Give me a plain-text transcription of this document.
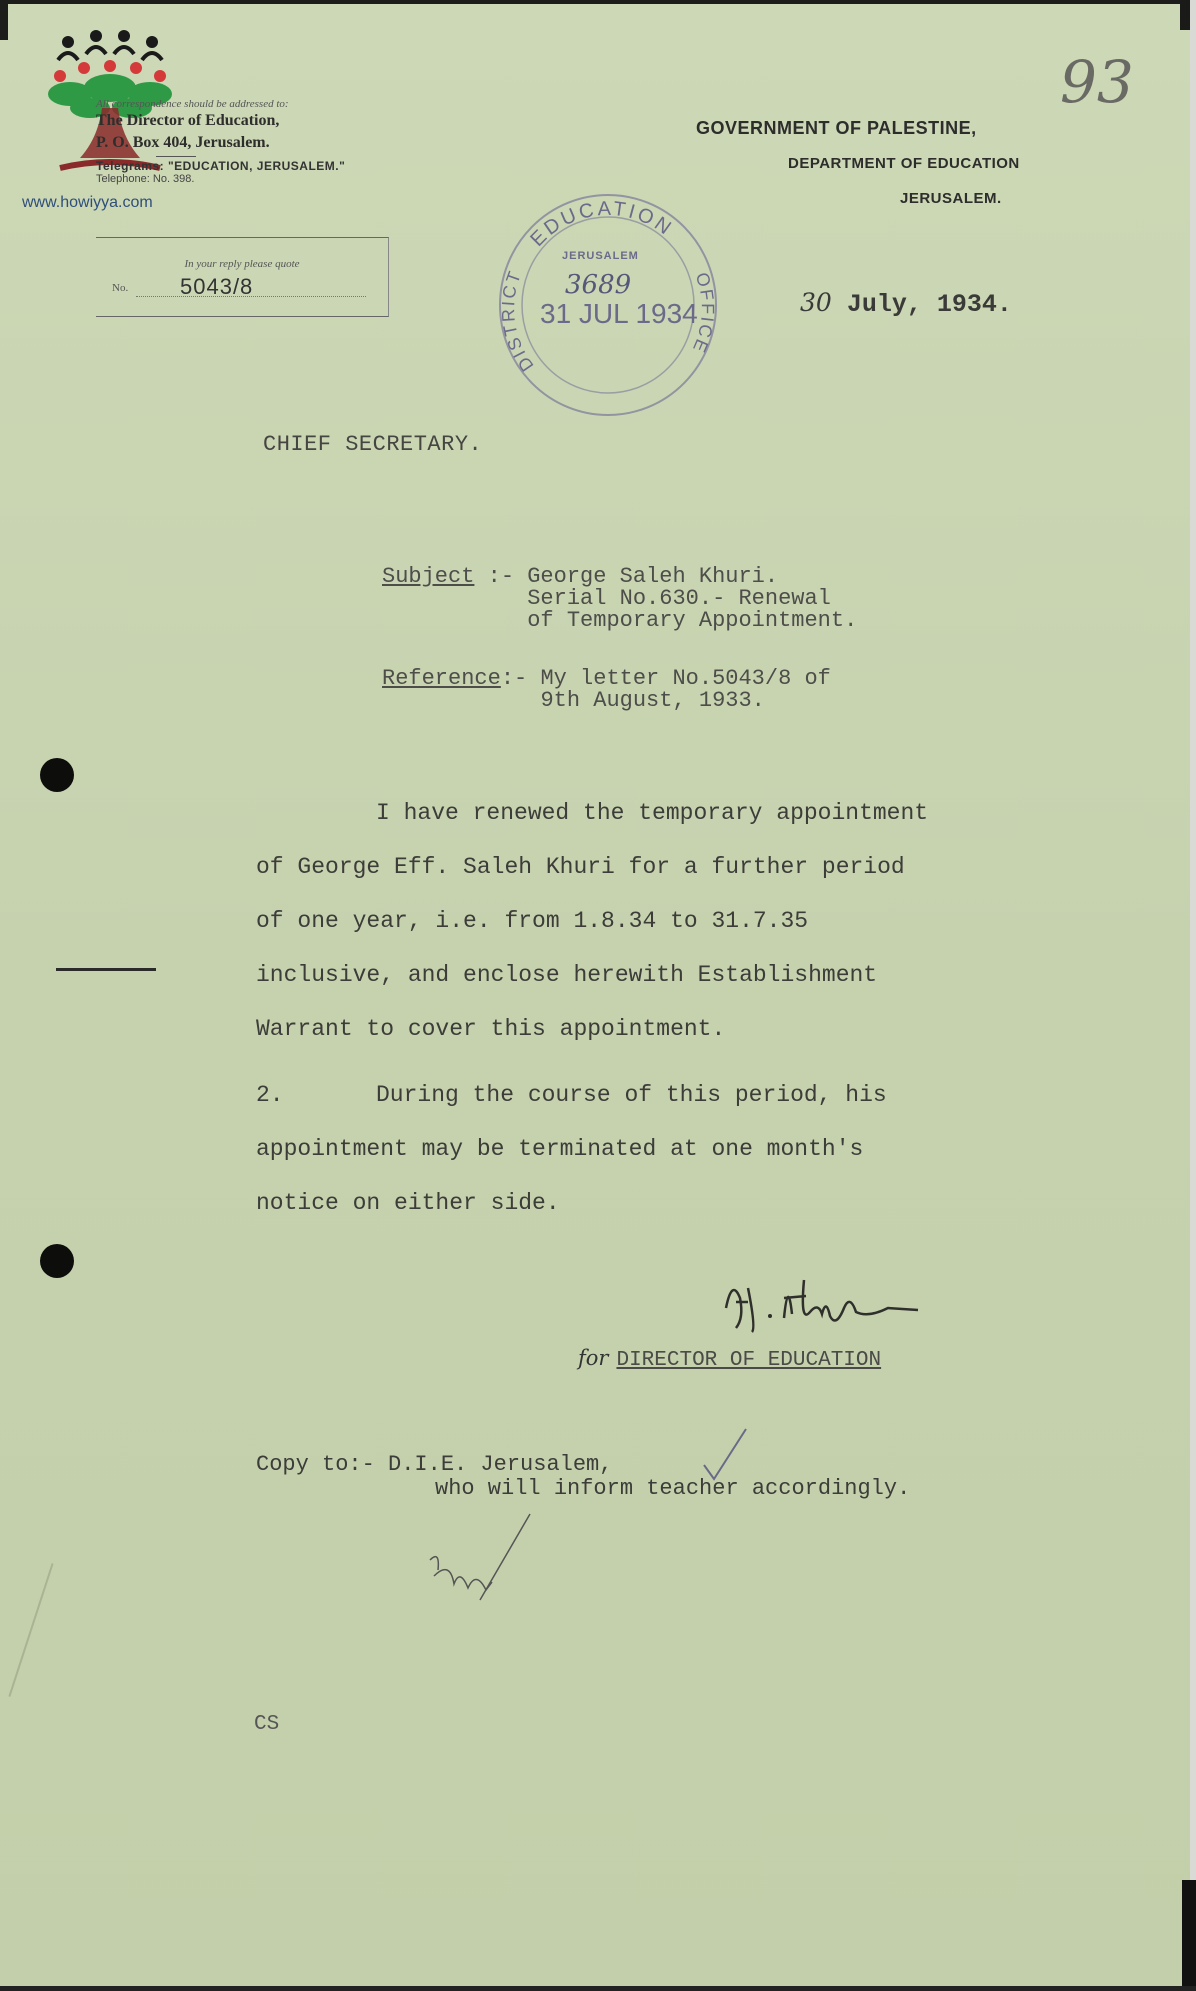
www.howiyya.com
All correspondence should be addressed to:
The Director of Education,
P. O. Box 404, Jerusalem.
Telegrams: "EDUCATION, JERUSALEM."
Telephone: No. 398.
In your reply please quote
No. 5043/8
GOVERNMENT OF PALESTINE,
DEPARTMENT OF EDUCATION
JERUSALEM.
93
EDUCATION
DISTRICT	OFFICE
JERUSALEM
3689
31 JUL 1934	30 July, 1934.
CHIEF SECRETARY.
Subject :- George Saleh Khuri.
Serial No.630.- Renewal
of Temporary Appointment.
Reference:- My letter No.5043/8 of
9th August, 1933.

I have renewed the temporary appointment

of George Eff. Saleh Khuri for a further period

of one year, i.e. from 1.8.34 to 31.7.35

inclusive, and enclose herewith Establishment

Warrant to cover this appointment.

2.	During the course of this period, his

appointment may be terminated at one month's

notice on either side.

for DIRECTOR OF EDUCATION
Copy to:- D.I.E. Jerusalem,
who will inform teacher accordingly.
CS
